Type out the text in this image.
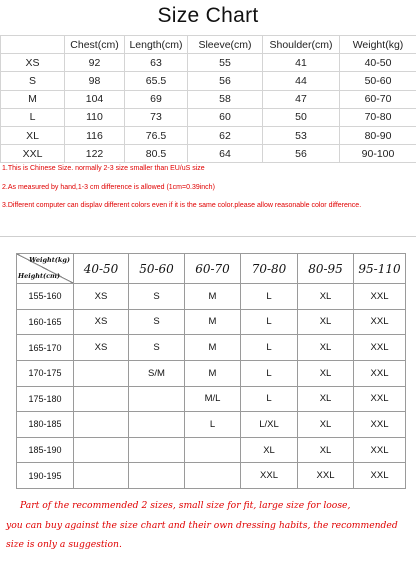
Size Chart
	Chest(cm)	Length(cm)	Sleeve(cm)	Shoulder(cm)	Weight(kg)
XS	92	63	55	41	40-50
S	98	65.5	56	44	50-60
M	104	69	58	47	60-70
L	110	73	60	50	70-80
XL	116	76.5	62	53	80-90
XXL	122	80.5	64	56	90-100
1.This is Chinese Size. normally 2-3 size smaller than EU/uS size
2.As measured by hand,1-3 cm difference is allowed (1cm=0.39inch)
3.Different computer can displav different colors even if it is the same color.please allow reasonable color difference.
Weight(kg)
Height(cm)	40-50	50-60	60-70	70-80	80-95	95-110
155-160	XS	S	M	L	XL	XXL
160-165	XS	S	M	L	XL	XXL
165-170	XS	S	M	L	XL	XXL
170-175		S/M	M	L	XL	XXL
175-180			M/L	L	XL	XXL
180-185			L	L/XL	XL	XXL
185-190				XL	XL	XXL
190-195				XXL	XXL	XXL
Part of the recommended 2 sizes, small size for fit, large size for loose,
you can buy against the size chart and their own dressing habits, the recommended
size is only a suggestion.
